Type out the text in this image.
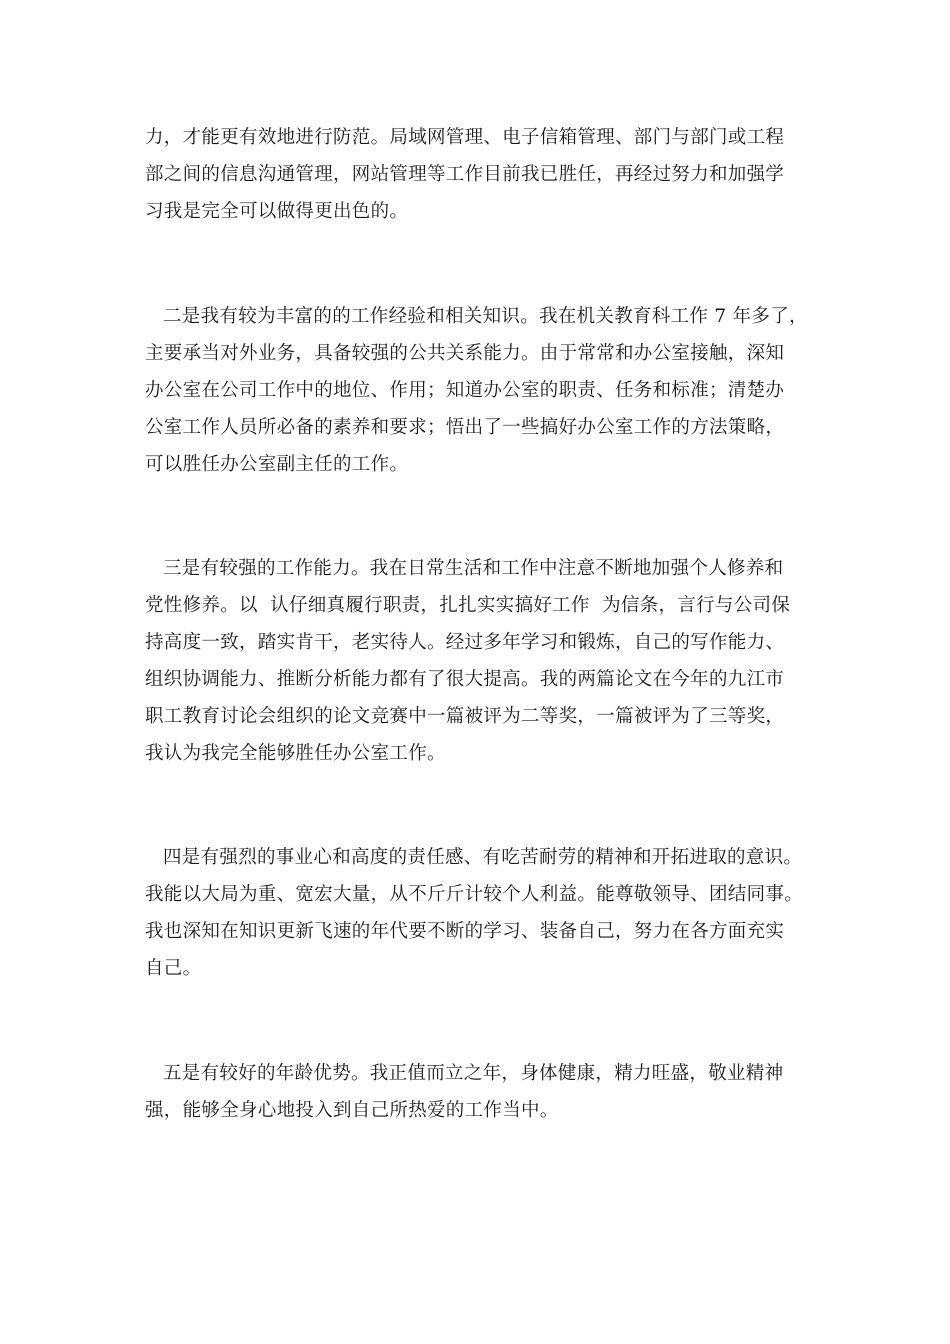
力，才能更有效地进行防范。局域网管理、电子信箱管理、部门与部门或工程
部之间的信息沟通管理，网站管理等工作目前我已胜任，再经过努力和加强学
习我是完全可以做得更出色的。
二是我有较为丰富的的工作经验和相关知识。我在机关教育科工作 7 年多了，
主要承当对外业务，具备较强的公共关系能力。由于常常和办公室接触，深知
办公室在公司工作中的地位、作用；知道办公室的职责、任务和标准；清楚办
公室工作人员所必备的素养和要求；悟出了一些搞好办公室工作的方法策略，
可以胜任办公室副主任的工作。
三是有较强的工作能力。我在日常生活和工作中注意不断地加强个人修养和
党性修养。以  认仔细真履行职责，扎扎实实搞好工作  为信条，言行与公司保
持高度一致，踏实肯干，老实待人。经过多年学习和锻炼，自己的写作能力、
组织协调能力、推断分析能力都有了很大提高。我的两篇论文在今年的九江市
职工教育讨论会组织的论文竞赛中一篇被评为二等奖，一篇被评为了三等奖，
我认为我完全能够胜任办公室工作。
四是有强烈的事业心和高度的责任感、有吃苦耐劳的精神和开拓进取的意识。
我能以大局为重、宽宏大量，从不斤斤计较个人利益。能尊敬领导、团结同事。
我也深知在知识更新飞速的年代要不断的学习、装备自己，努力在各方面充实
自己。
五是有较好的年龄优势。我正值而立之年，身体健康，精力旺盛，敬业精神
强，能够全身心地投入到自己所热爱的工作当中。
